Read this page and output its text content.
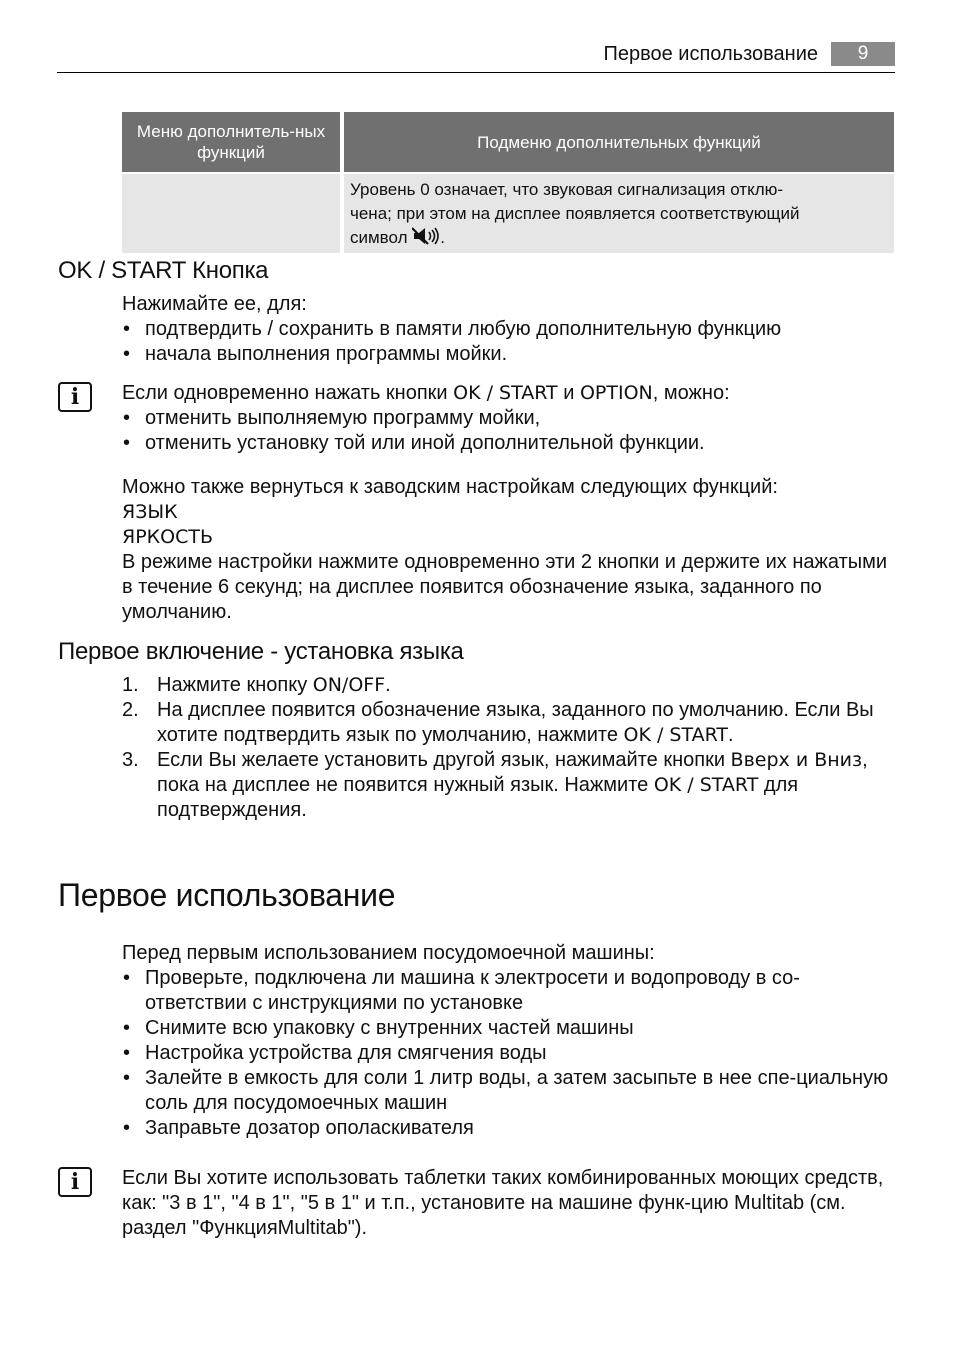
Первое использование	9
Меню дополнитель-ных функций	Подменю дополнительных функций

	Уровень 0 означает, что звуковая сигнализация отклю-
чена; при этом на дисплее появляется соответствующий
символ .
OK / START Кнопка
Нажимайте ее, для:
• подтвердить / сохранить в памяти любую дополнительную функцию
• начала выполнения программы мойки.
i	Если одновременно нажать кнопки OK / START и OPTION, можно:
• отменить выполняемую программу мойки,
• отменить установку той или иной дополнительной функции.
Можно также вернуться к заводским настройкам следующих функций:
ЯЗЫК
ЯРКОСТЬ
В режиме настройки нажмите одновременно эти 2 кнопки и держите их нажатыми в течение 6 секунд; на дисплее появится обозначение языка, заданного по умолчанию.
Первое включение - установка языка
1. Нажмите кнопку ON/OFF.
2. На дисплее появится обозначение языка, заданного по умолчанию. Если Вы хотите подтвердить язык по умолчанию, нажмите OK / START.
3. Если Вы желаете установить другой язык, нажимайте кнопки Вверх и Вниз, пока на дисплее не появится нужный язык. Нажмите OK / START для подтверждения.
Первое использование
Перед первым использованием посудомоечной машины:
• Проверьте, подключена ли машина к электросети и водопроводу в со-ответствии с инструкциями по установке
• Снимите всю упаковку с внутренних частей машины
• Настройка устройства для смягчения воды
• Залейте в емкость для соли 1 литр воды, а затем засыпьте в нее спе-циальную соль для посудомоечных машин
• Заправьте дозатор ополаскивателя
i	Если Вы хотите использовать таблетки таких комбинированных моющих средств, как: "3 в 1", "4 в 1", "5 в 1" и т.п., установите на машине функ-цию Multitab (см. раздел "ФункцияMultitab").
